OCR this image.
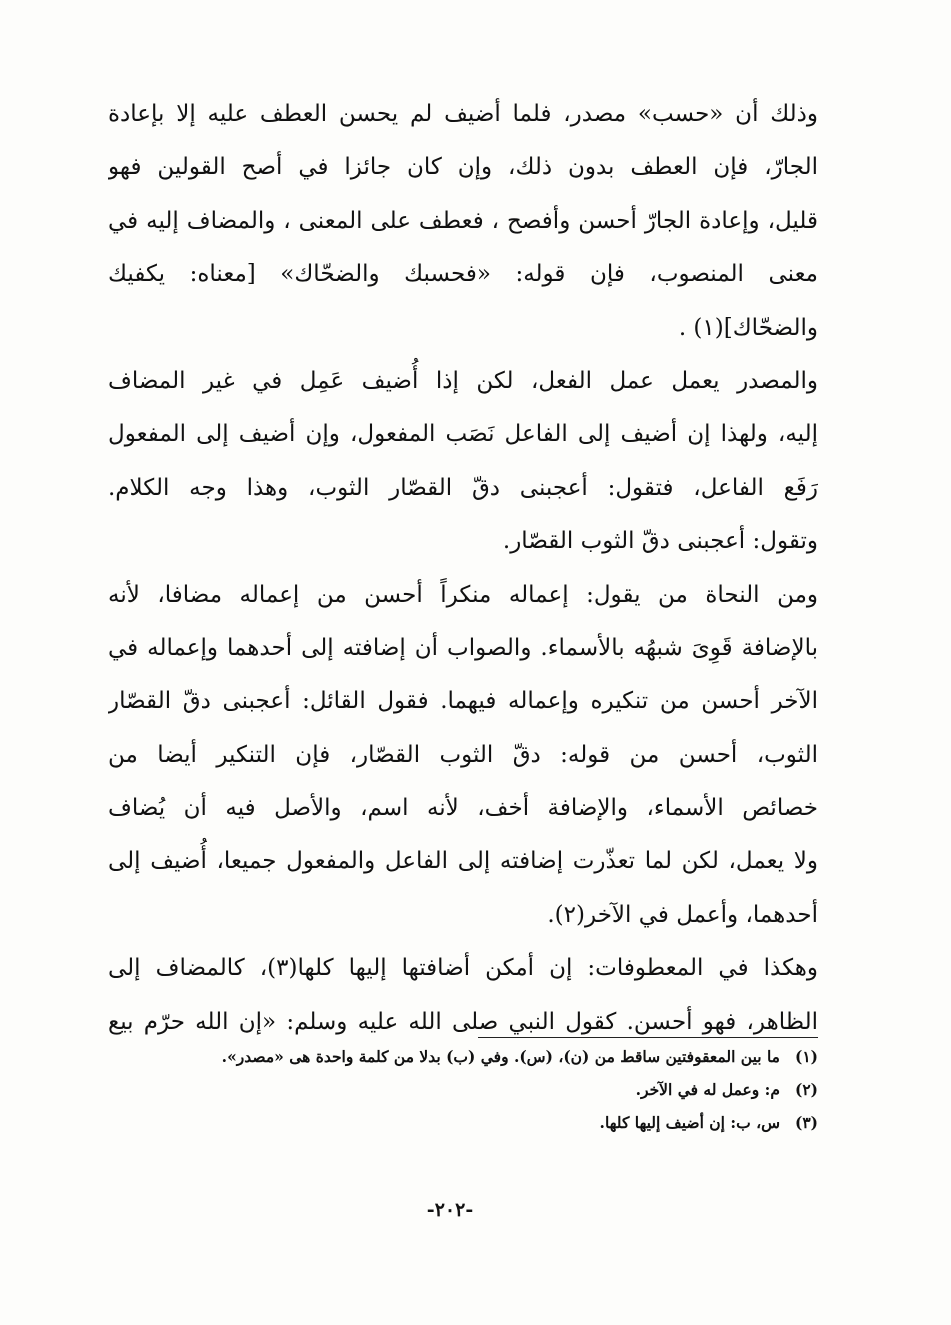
وذلك أن «حسب» مصدر، فلما أضيف لم يحسن العطف عليه إلا بإعادة
الجارّ، فإن العطف بدون ذلك، وإن كان جائزا في أصح القولين فهو
قليل، وإعادة الجارّ أحسن وأفصح ، فعطف على المعنى ، والمضاف إليه في
معنى المنصوب، فإن قوله: «فحسبك والضحّاك» [معناه: يكفيك
والضحّاك](١) .
والمصدر يعمل عمل الفعل، لكن إذا أُضيف عَمِل في غير المضاف
إليه، ولهذا إن أضيف إلى الفاعل نَصَب المفعول، وإن أضيف إلى المفعول
رَفَع الفاعل، فتقول: أعجبنى دقّ القصّار الثوب، وهذا وجه الكلام.
وتقول: أعجبنى دقّ الثوب القصّار.
ومن النحاة من يقول: إعماله منكراً أحسن من إعماله مضافا، لأنه
بالإضافة قَوِىَ شبهُه بالأسماء. والصواب أن إضافته إلى أحدهما وإعماله في
الآخر أحسن من تنكيره وإعماله فيهما. فقول القائل: أعجبنى دقّ القصّار
الثوب، أحسن من قوله: دقّ الثوب القصّار، فإن التنكير أيضا من
خصائص الأسماء، والإضافة أخف، لأنه اسم، والأصل فيه أن يُضاف
ولا يعمل، لكن لما تعذّرت إضافته إلى الفاعل والمفعول جميعا، أُضيف إلى
أحدهما، وأعمل في الآخر(٢).
وهكذا في المعطوفات: إن أمكن أضافتها إليها كلها(٣)، كالمضاف إلى
الظاهر، فهو أحسن. كقول النبي صلى الله عليه وسلم: «إن الله حرّم بيع
(١)ما بين المعقوفتين ساقط من (ن)، (س). وفي (ب) بدلا من كلمة واحدة هى «مصدر».
(٢)م: وعمل له في الآخر.
(٣)س، ب: إن أضيف إليها كلها.
-٢٠٢-
